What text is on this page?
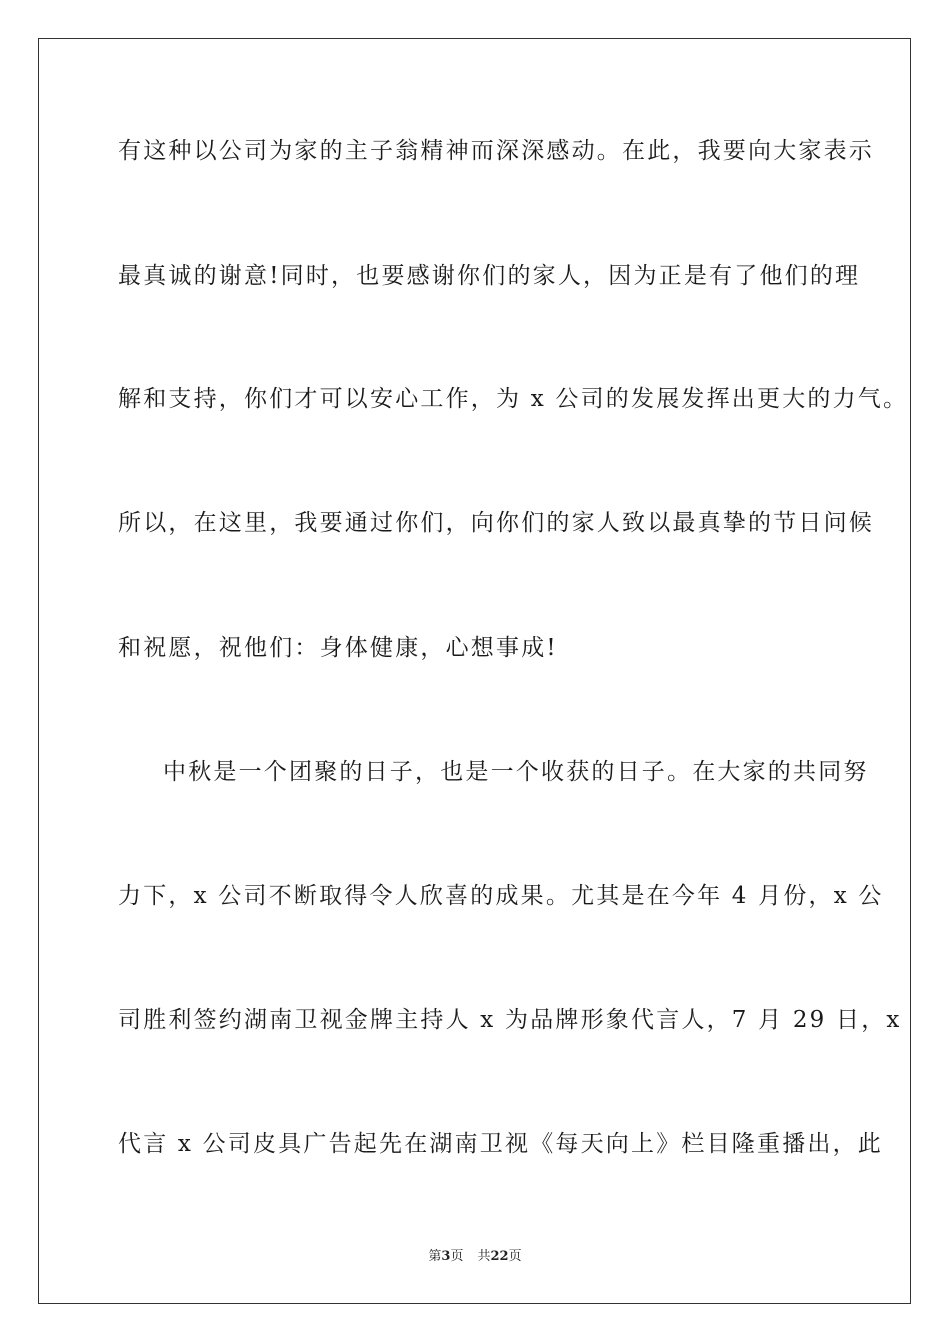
有这种以公司为家的主子翁精神而深深感动。在此，我要向大家表示
最真诚的谢意!同时，也要感谢你们的家人，因为正是有了他们的理
解和支持，你们才可以安心工作，为 x 公司的发展发挥出更大的力气。
所以，在这里，我要通过你们，向你们的家人致以最真挚的节日问候
和祝愿，祝他们：身体健康，心想事成!
中秋是一个团聚的日子，也是一个收获的日子。在大家的共同努
力下，x 公司不断取得令人欣喜的成果。尤其是在今年 4 月份，x 公
司胜利签约湖南卫视金牌主持人 x 为品牌形象代言人，7 月 29 日，x
代言 x 公司皮具广告起先在湖南卫视《每天向上》栏目隆重播出，此
第3页 共22页
